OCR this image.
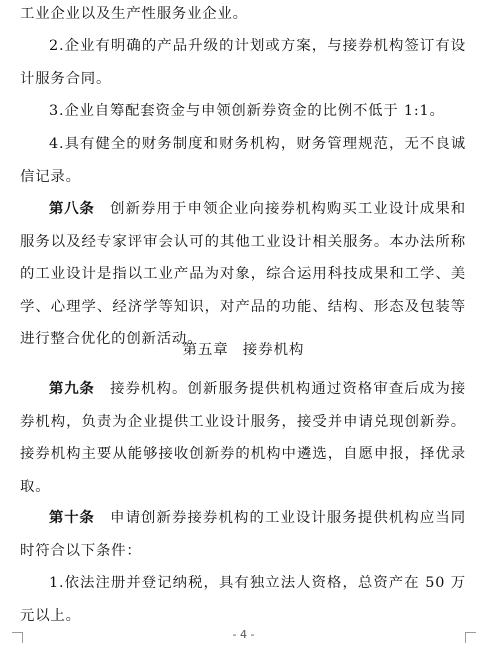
工业企业以及生产性服务业企业。

2.企业有明确的产品升级的计划或方案，与接券机构签订有设计服务合同。

3.企业自筹配套资金与申领创新券资金的比例不低于 1:1。

4.具有健全的财务制度和财务机构，财务管理规范，无不良诚信记录。

第八条　 创新券用于申领企业向接券机构购买工业设计成果和服务以及经专家评审会认可的其他工业设计相关服务。本办法所称的工业设计是指以工业产品为对象，综合运用科技成果和工学、美学、心理学、经济学等知识，对产品的功能、结构、形态及包装等进行整合优化的创新活动。

第五章 接券机构

第九条　 接券机构。创新服务提供机构通过资格审查后成为接券机构，负责为企业提供工业设计服务，接受并申请兑现创新券。接券机构主要从能够接收创新券的机构中遴选，自愿申报，择优录取。

第十条　 申请创新券接券机构的工业设计服务提供机构应当同时符合以下条件：

1.依法注册并登记纳税，具有独立法人资格，总资产在 50 万元以上。

- 4 -
